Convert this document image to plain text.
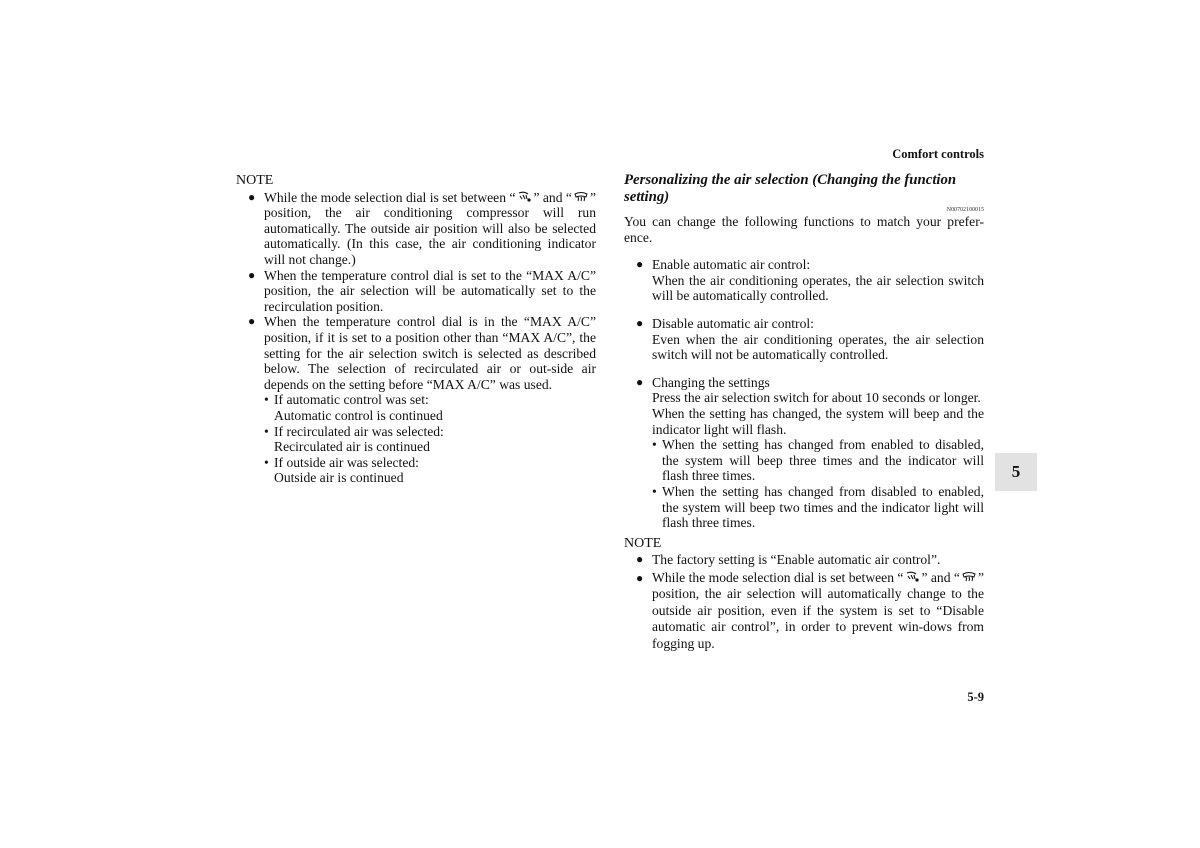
Comfort controls
NOTE
● While the mode selection dial is set between “ ” and “ ” position, the air conditioning compressor will run automatically. The outside air position will also be selected automatically. (In this case, the air conditioning indicator will not change.)
● When the temperature control dial is set to the “MAX A/C” position, the air selection will be automatically set to the recirculation position.
● When the temperature control dial is in the “MAX A/C” position, if it is set to a position other than “MAX A/C”, the setting for the air selection switch is selected as described below. The selection of recirculated air or out-side air depends on the setting before “MAX A/C” was used.
• If automatic control was set:
Automatic control is continued
• If recirculated air was selected:
Recirculated air is continued
• If outside air was selected:
Outside air is continued
Personalizing the air selection (Changing the function setting)
N00702100015
You can change the following functions to match your prefer-ence.
● Enable automatic air control:
When the air conditioning operates, the air selection switch will be automatically controlled.
● Disable automatic air control:
Even when the air conditioning operates, the air selection switch will not be automatically controlled.
● Changing the settings
Press the air selection switch for about 10 seconds or longer.
When the setting has changed, the system will beep and the indicator light will flash.
• When the setting has changed from enabled to disabled, the system will beep three times and the indicator will flash three times.
• When the setting has changed from disabled to enabled, the system will beep two times and the indicator light will flash three times.
NOTE
● The factory setting is “Enable automatic air control”.
● While the mode selection dial is set between “ ” and “ ” position, the air selection will automatically change to the outside air position, even if the system is set to “Disable automatic air control”, in order to prevent win-dows from fogging up.
5
5-9
